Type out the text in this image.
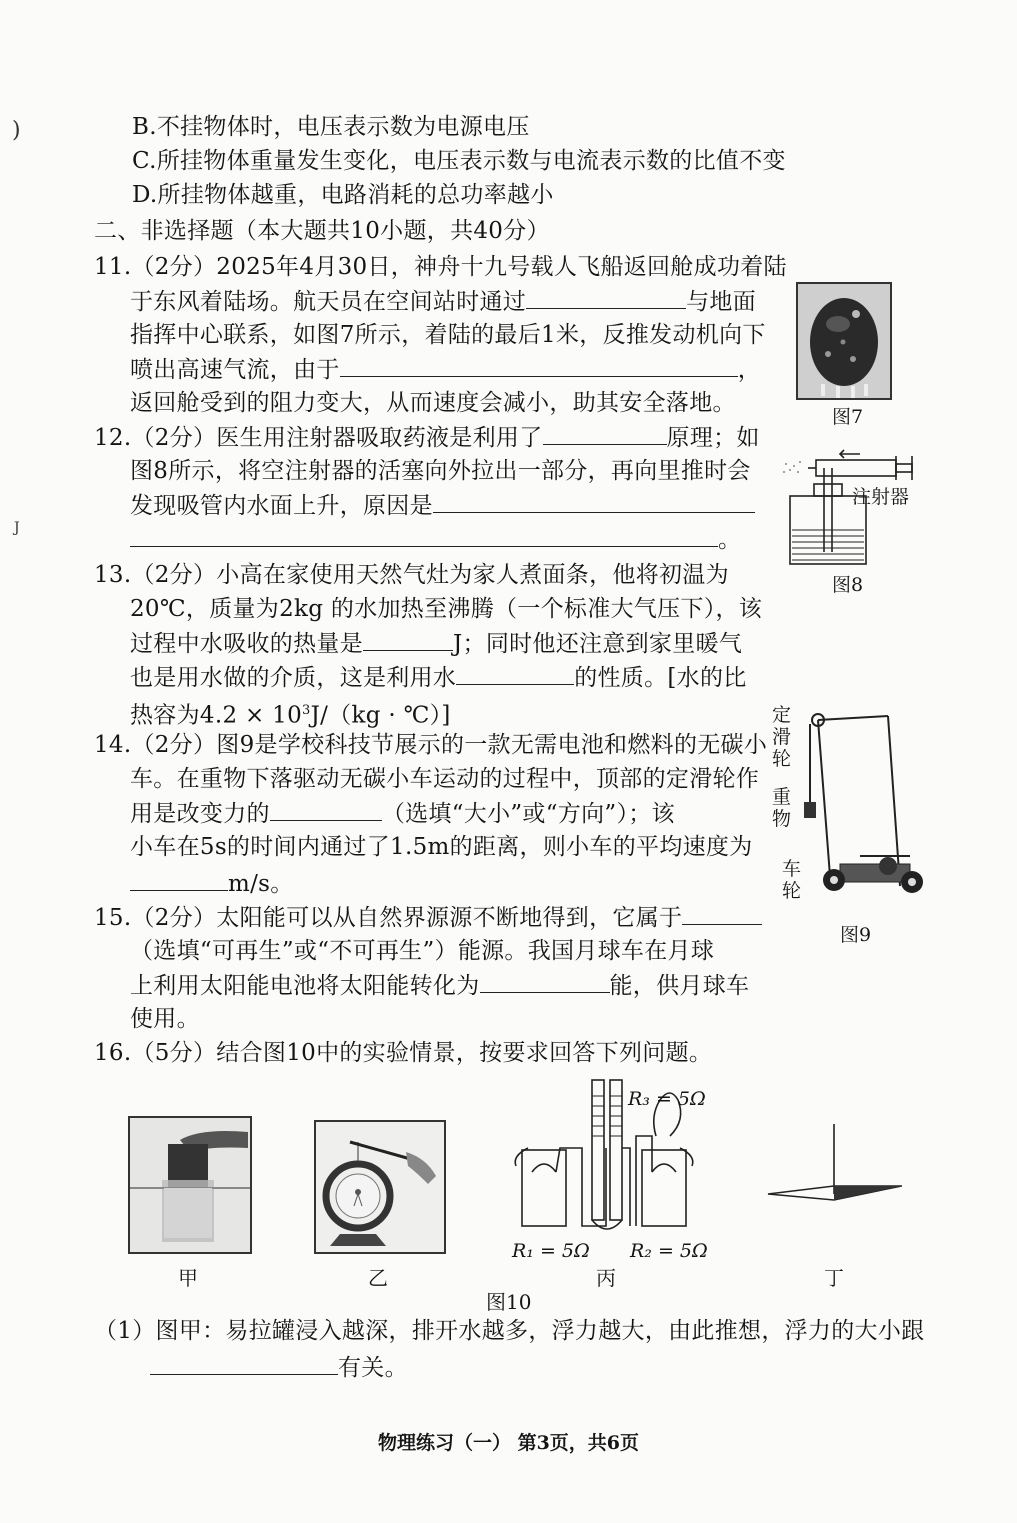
)
J
B.不挂物体时，电压表示数为电源电压
C.所挂物体重量发生变化，电压表示数与电流表示数的比值不变
D.所挂物体越重，电路消耗的总功率越小
二、非选择题（本大题共10小题，共40分）
11.（2分）2025年4月30日，神舟十九号载人飞船返回舱成功着陆
于东风着陆场。航天员在空间站时通过	与地面
指挥中心联系，如图7所示，着陆的最后1米，反推发动机向下
喷出高速气流，由于	，
返回舱受到的阻力变大，从而速度会减小，助其安全落地。
12.（2分）医生用注射器吸取药液是利用了	原理；如
图8所示，将空注射器的活塞向外拉出一部分，再向里推时会
发现吸管内水面上升，原因是
。
13.（2分）小高在家使用天然气灶为家人煮面条，他将初温为
20℃，质量为2kg 的水加热至沸腾（一个标准大气压下），该
过程中水吸收的热量是	J；同时他还注意到家里暖气
也是用水做的介质，这是利用水	的性质。[水的比
热容为$4.2 \times 10^3J/(kg$ · ℃）]
14.（2分）图9是学校科技节展示的一款无需电池和燃料的无碳小
车。在重物下落驱动无碳小车运动的过程中，顶部的定滑轮作
用是改变力的	（选填“大小”或“方向”）；该
小车在5s的时间内通过了1.5m的距离，则小车的平均速度为
m/s。
15.（2分）太阳能可以从自然界源源不断地得到，它属于
（选填“可再生”或“不可再生”）能源。我国月球车在月球
上利用太阳能电池将太阳能转化为	能，供月球车
使用。
16.（5分）结合图10中的实验情景，按要求回答下列问题。
图7
注射器
图8
定滑轮
重物
车轮
图9
甲	乙
R₃ = 5Ω
R₁ = 5Ω R₂ = 5Ω
丙	丁
图10
（1）图甲：易拉罐浸入越深，排开水越多，浮力越大，由此推想，浮力的大小跟
有关。
物理练习（一） 第3页，共6页
